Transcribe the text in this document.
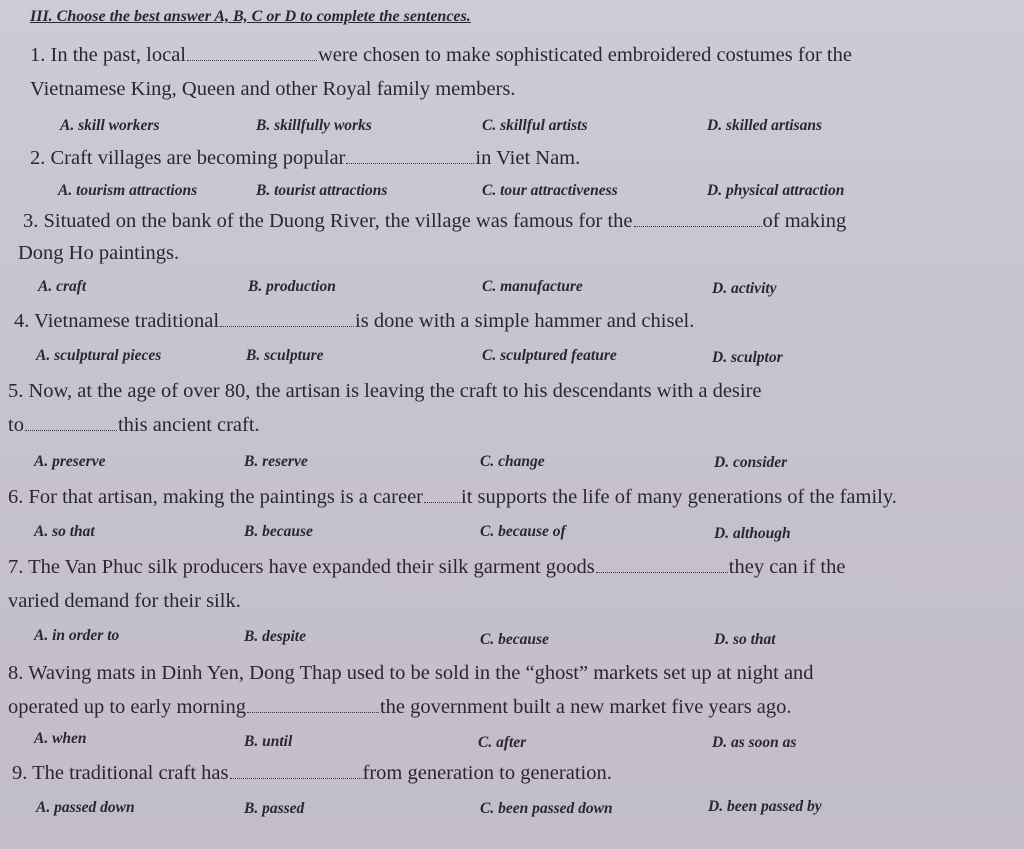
III. Choose the best answer A, B, C or D to complete the sentences.
1. In the past, local	were chosen to make sophisticated embroidered costumes for the
Vietnamese King, Queen and other Royal family members.
A. skill workers	B. skillfully works	C. skillful artists	D. skilled artisans
2. Craft villages are becoming popular	in Viet Nam.
A. tourism attractions	B. tourist attractions	C. tour attractiveness	D. physical attraction
3. Situated on the bank of the Duong River, the village was famous for the	of making
Dong Ho paintings.
A. craft	B. production	C. manufacture	D. activity
4. Vietnamese traditional	is done with a simple hammer and chisel.
A. sculptural pieces	B. sculpture	C. sculptured feature	D. sculptor
5. Now, at the age of over 80, the artisan is leaving the craft to his descendants with a desire
to	this ancient craft.
A. preserve	B. reserve	C. change	D. consider
6. For that artisan, making the paintings is a career it supports the life of many generations of the family.
A. so that	B. because	C. because of	D. although
7. The Van Phuc silk producers have expanded their silk garment goods	they can if the
varied demand for their silk.
A. in order to	B. despite	C. because	D. so that
8. Waving mats in Dinh Yen, Dong Thap used to be sold in the “ghost” markets set up at night and
operated up to early morning	the government built a new market five years ago.
A. when	B. until	C. after	D. as soon as
9. The traditional craft has	from generation to generation.
A. passed down	B. passed	C. been passed down	D. been passed by
